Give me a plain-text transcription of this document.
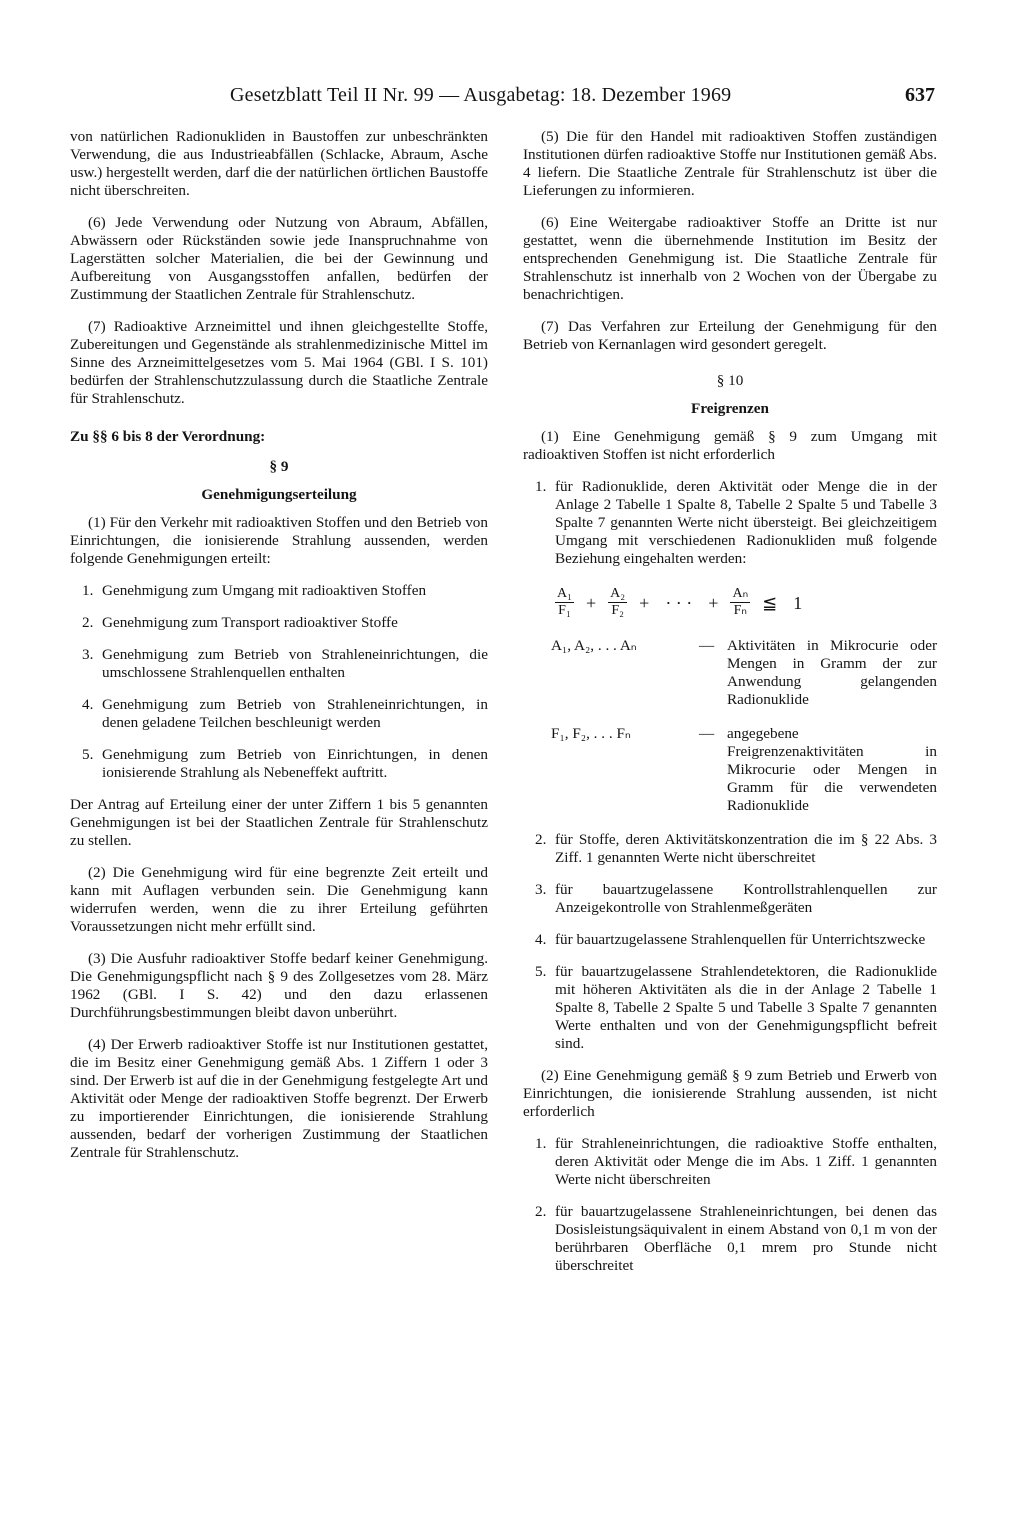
Gesetzblatt Teil II Nr. 99 — Ausgabetag: 18. Dezember 1969	637

von natürlichen Radionukliden in Baustoffen zur unbeschränkten Verwendung, die aus Industrieabfällen (Schlacke, Abraum, Asche usw.) hergestellt werden, darf die der natürlichen örtlichen Baustoffe nicht überschreiten.

(6) Jede Verwendung oder Nutzung von Abraum, Abfällen, Abwässern oder Rückständen sowie jede Inanspruchnahme von Lagerstätten solcher Materialien, die bei der Gewinnung und Aufbereitung von Ausgangsstoffen anfallen, bedürfen der Zustimmung der Staatlichen Zentrale für Strahlenschutz.

(7) Radioaktive Arzneimittel und ihnen gleichgestellte Stoffe, Zubereitungen und Gegenstände als strahlenmedizinische Mittel im Sinne des Arzneimittelgesetzes vom 5. Mai 1964 (GBl. I S. 101) bedürfen der Strahlenschutzzulassung durch die Staatliche Zentrale für Strahlenschutz.

Zu §§ 6 bis 8 der Verordnung:

§ 9

Genehmigungserteilung

(1) Für den Verkehr mit radioaktiven Stoffen und den Betrieb von Einrichtungen, die ionisierende Strahlung aussenden, werden folgende Genehmigungen erteilt:

1. Genehmigung zum Umgang mit radioaktiven Stoffen
2. Genehmigung zum Transport radioaktiver Stoffe
3. Genehmigung zum Betrieb von Strahleneinrichtungen, die umschlossene Strahlenquellen enthalten
4. Genehmigung zum Betrieb von Strahleneinrichtungen, in denen geladene Teilchen beschleunigt werden
5. Genehmigung zum Betrieb von Einrichtungen, in denen ionisierende Strahlung als Nebeneffekt auftritt.

Der Antrag auf Erteilung einer der unter Ziffern 1 bis 5 genannten Genehmigungen ist bei der Staatlichen Zentrale für Strahlenschutz zu stellen.

(2) Die Genehmigung wird für eine begrenzte Zeit erteilt und kann mit Auflagen verbunden sein. Die Genehmigung kann widerrufen werden, wenn die zu ihrer Erteilung geführten Voraussetzungen nicht mehr erfüllt sind.

(3) Die Ausfuhr radioaktiver Stoffe bedarf keiner Genehmigung. Die Genehmigungspflicht nach § 9 des Zollgesetzes vom 28. März 1962 (GBl. I S. 42) und den dazu erlassenen Durchführungsbestimmungen bleibt davon unberührt.

(4) Der Erwerb radioaktiver Stoffe ist nur Institutionen gestattet, die im Besitz einer Genehmigung gemäß Abs. 1 Ziffern 1 oder 3 sind. Der Erwerb ist auf die in der Genehmigung festgelegte Art und Aktivität oder Menge der radioaktiven Stoffe begrenzt. Der Erwerb zu importierender Einrichtungen, die ionisierende Strahlung aussenden, bedarf der vorherigen Zustimmung der Staatlichen Zentrale für Strahlenschutz.

(5) Die für den Handel mit radioaktiven Stoffen zuständigen Institutionen dürfen radioaktive Stoffe nur Institutionen gemäß Abs. 4 liefern. Die Staatliche Zentrale für Strahlenschutz ist über die Lieferungen zu informieren.

(6) Eine Weitergabe radioaktiver Stoffe an Dritte ist nur gestattet, wenn die übernehmende Institution im Besitz der entsprechenden Genehmigung ist. Die Staatliche Zentrale für Strahlenschutz ist innerhalb von 2 Wochen von der Übergabe zu benachrichtigen.

(7) Das Verfahren zur Erteilung der Genehmigung für den Betrieb von Kernanlagen wird gesondert geregelt.

§ 10

Freigrenzen

(1) Eine Genehmigung gemäß § 9 zum Umgang mit radioaktiven Stoffen ist nicht erforderlich

1. für Radionuklide, deren Aktivität oder Menge die in der Anlage 2 Tabelle 1 Spalte 8, Tabelle 2 Spalte 5 und Tabelle 3 Spalte 7 genannten Werte nicht übersteigt. Bei gleichzeitigem Umgang mit verschiedenen Radionukliden muß folgende Beziehung eingehalten werden:
$\frac{\text{A₁}}{\text{F₁}} + \frac{\text{A₂}}{\text{F₂}}$ + · · · + $\frac{\text{Aₙ}}{\text{Fₙ}}$ ≦ 1
A₁, A₂, . . . Aₙ	— Aktivitäten in Mikrocurie oder Mengen in Gramm der zur Anwendung gelangenden Radionuklide
F₁, F₂, . . . Fₙ	— angegebene Freigrenzenaktivitäten in Mikrocurie oder Mengen in Gramm für die verwendeten Radionuklide
2. für Stoffe, deren Aktivitätskonzentration die im § 22 Abs. 3 Ziff. 1 genannten Werte nicht überschreitet
3. für bauartzugelassene Kontrollstrahlenquellen zur Anzeigekontrolle von Strahlenmeßgeräten
4. für bauartzugelassene Strahlenquellen für Unterrichtszwecke
5. für bauartzugelassene Strahlendetektoren, die Radionuklide mit höheren Aktivitäten als die in der Anlage 2 Tabelle 1 Spalte 8, Tabelle 2 Spalte 5 und Tabelle 3 Spalte 7 genannten Werte enthalten und von der Genehmigungspflicht befreit sind.

(2) Eine Genehmigung gemäß § 9 zum Betrieb und Erwerb von Einrichtungen, die ionisierende Strahlung aussenden, ist nicht erforderlich

1. für Strahleneinrichtungen, die radioaktive Stoffe enthalten, deren Aktivität oder Menge die im Abs. 1 Ziff. 1 genannten Werte nicht überschreiten
2. für bauartzugelassene Strahleneinrichtungen, bei denen das Dosisleistungsäquivalent in einem Abstand von 0,1 m von der berührbaren Oberfläche 0,1 mrem pro Stunde nicht überschreitet
